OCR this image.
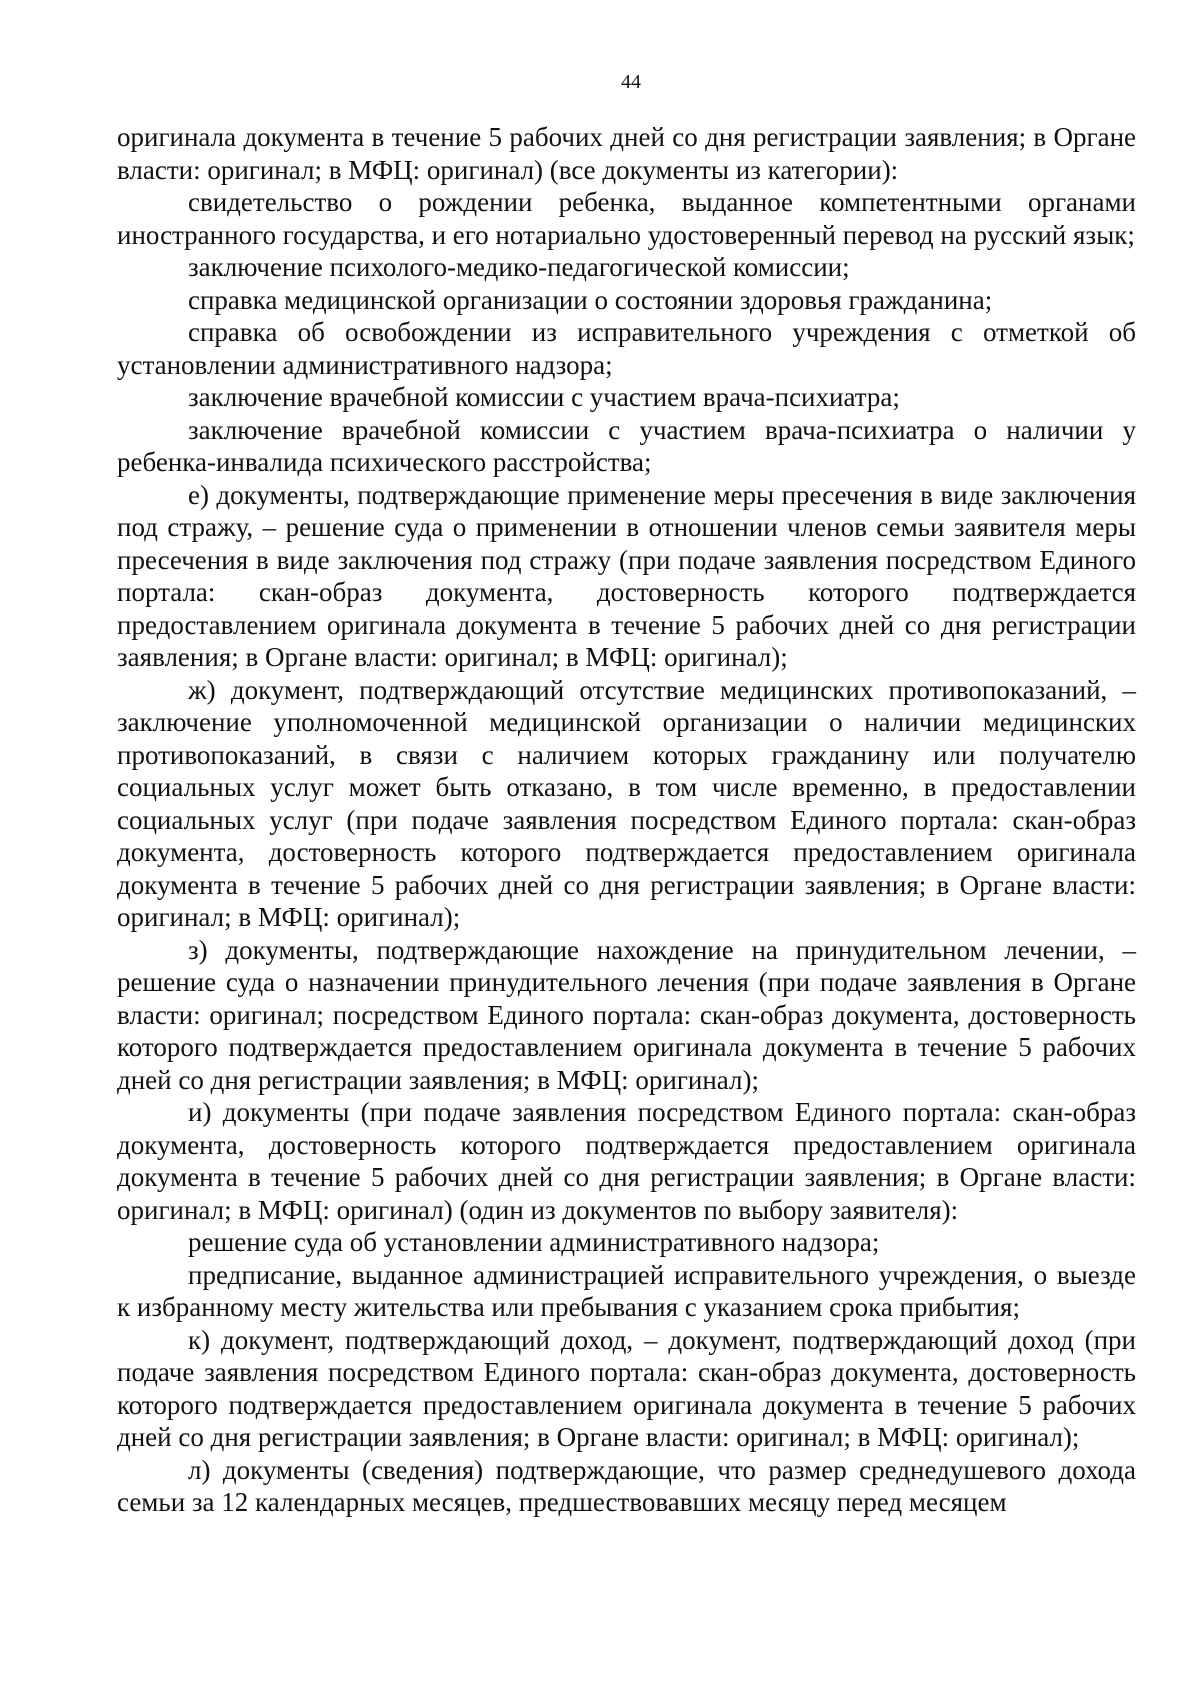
44

оригинала документа в течение 5 рабочих дней со дня регистрации заявления; в Органе власти: оригинал; в МФЦ: оригинал) (все документы из категории):

свидетельство о рождении ребенка, выданное компетентными органами иностранного государства, и его нотариально удостоверенный перевод на русский язык;

заключение психолого-медико-педагогической комиссии;

справка медицинской организации о состоянии здоровья гражданина;

справка об освобождении из исправительного учреждения с отметкой об установлении административного надзора;

заключение врачебной комиссии с участием врача-психиатра;

заключение врачебной комиссии с участием врача-психиатра о наличии у ребенка-инвалида психического расстройства;

е) документы, подтверждающие применение меры пресечения в виде заключения под стражу, – решение суда о применении в отношении членов семьи заявителя меры пресечения в виде заключения под стражу (при подаче заявления посредством Единого портала: скан-образ документа, достоверность которого подтверждается предоставлением оригинала документа в течение 5 рабочих дней со дня регистрации заявления; в Органе власти: оригинал; в МФЦ: оригинал);

ж) документ, подтверждающий отсутствие медицинских противопоказаний, – заключение уполномоченной медицинской организации о наличии медицинских противопоказаний, в связи с наличием которых гражданину или получателю социальных услуг может быть отказано, в том числе временно, в предоставлении социальных услуг (при подаче заявления посредством Единого портала: скан-образ документа, достоверность которого подтверждается предоставлением оригинала документа в течение 5 рабочих дней со дня регистрации заявления; в Органе власти: оригинал; в МФЦ: оригинал);

з) документы, подтверждающие нахождение на принудительном лечении, – решение суда о назначении принудительного лечения (при подаче заявления в Органе власти: оригинал; посредством Единого портала: скан-образ документа, достоверность которого подтверждается предоставлением оригинала документа в течение 5 рабочих дней со дня регистрации заявления; в МФЦ: оригинал);

и) документы (при подаче заявления посредством Единого портала: скан-образ документа, достоверность которого подтверждается предоставлением оригинала документа в течение 5 рабочих дней со дня регистрации заявления; в Органе власти: оригинал; в МФЦ: оригинал) (один из документов по выбору заявителя):

решение суда об установлении административного надзора;

предписание, выданное администрацией исправительного учреждения, о выезде к избранному месту жительства или пребывания с указанием срока прибытия;

к) документ, подтверждающий доход, – документ, подтверждающий доход (при подаче заявления посредством Единого портала: скан-образ документа, достоверность которого подтверждается предоставлением оригинала документа в течение 5 рабочих дней со дня регистрации заявления; в Органе власти: оригинал; в МФЦ: оригинал);

л) документы (сведения) подтверждающие, что размер среднедушевого дохода семьи за 12 календарных месяцев, предшествовавших месяцу перед месяцем
